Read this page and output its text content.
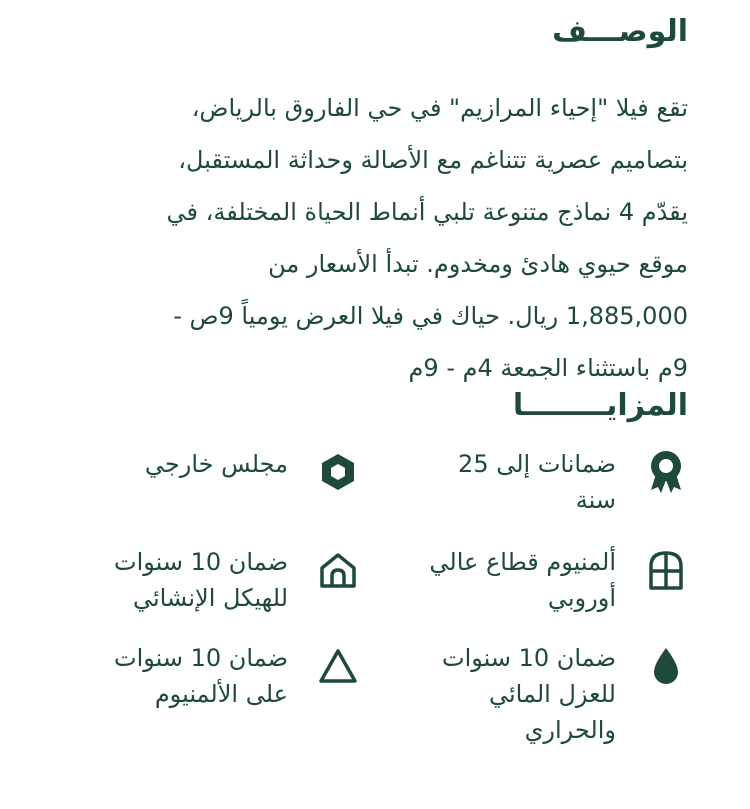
الوصـــف
تقع فيلا "إحياء المرازيم" في حي الفاروق بالرياض،
بتصاميم عصرية تتناغم مع الأصالة وحداثة المستقبل،
يقدّم 4 نماذج متنوعة تلبي أنماط الحياة المختلفة، في
موقع حيوي هادئ ومخدوم. تبدأ الأسعار من
1,885,000 ريال. حياك في فيلا العرض يومياً 9ص -
9م باستثناء الجمعة 4م - 9م
المزايــــــــا
ضمانات إلى 25
سنة
مجلس خارجي
ألمنيوم قطاع عالي
أوروبي
ضمان 10 سنوات
للهيكل الإنشائي
ضمان 10 سنوات
للعزل المائي
والحراري
ضمان 10 سنوات
على الألمنيوم
